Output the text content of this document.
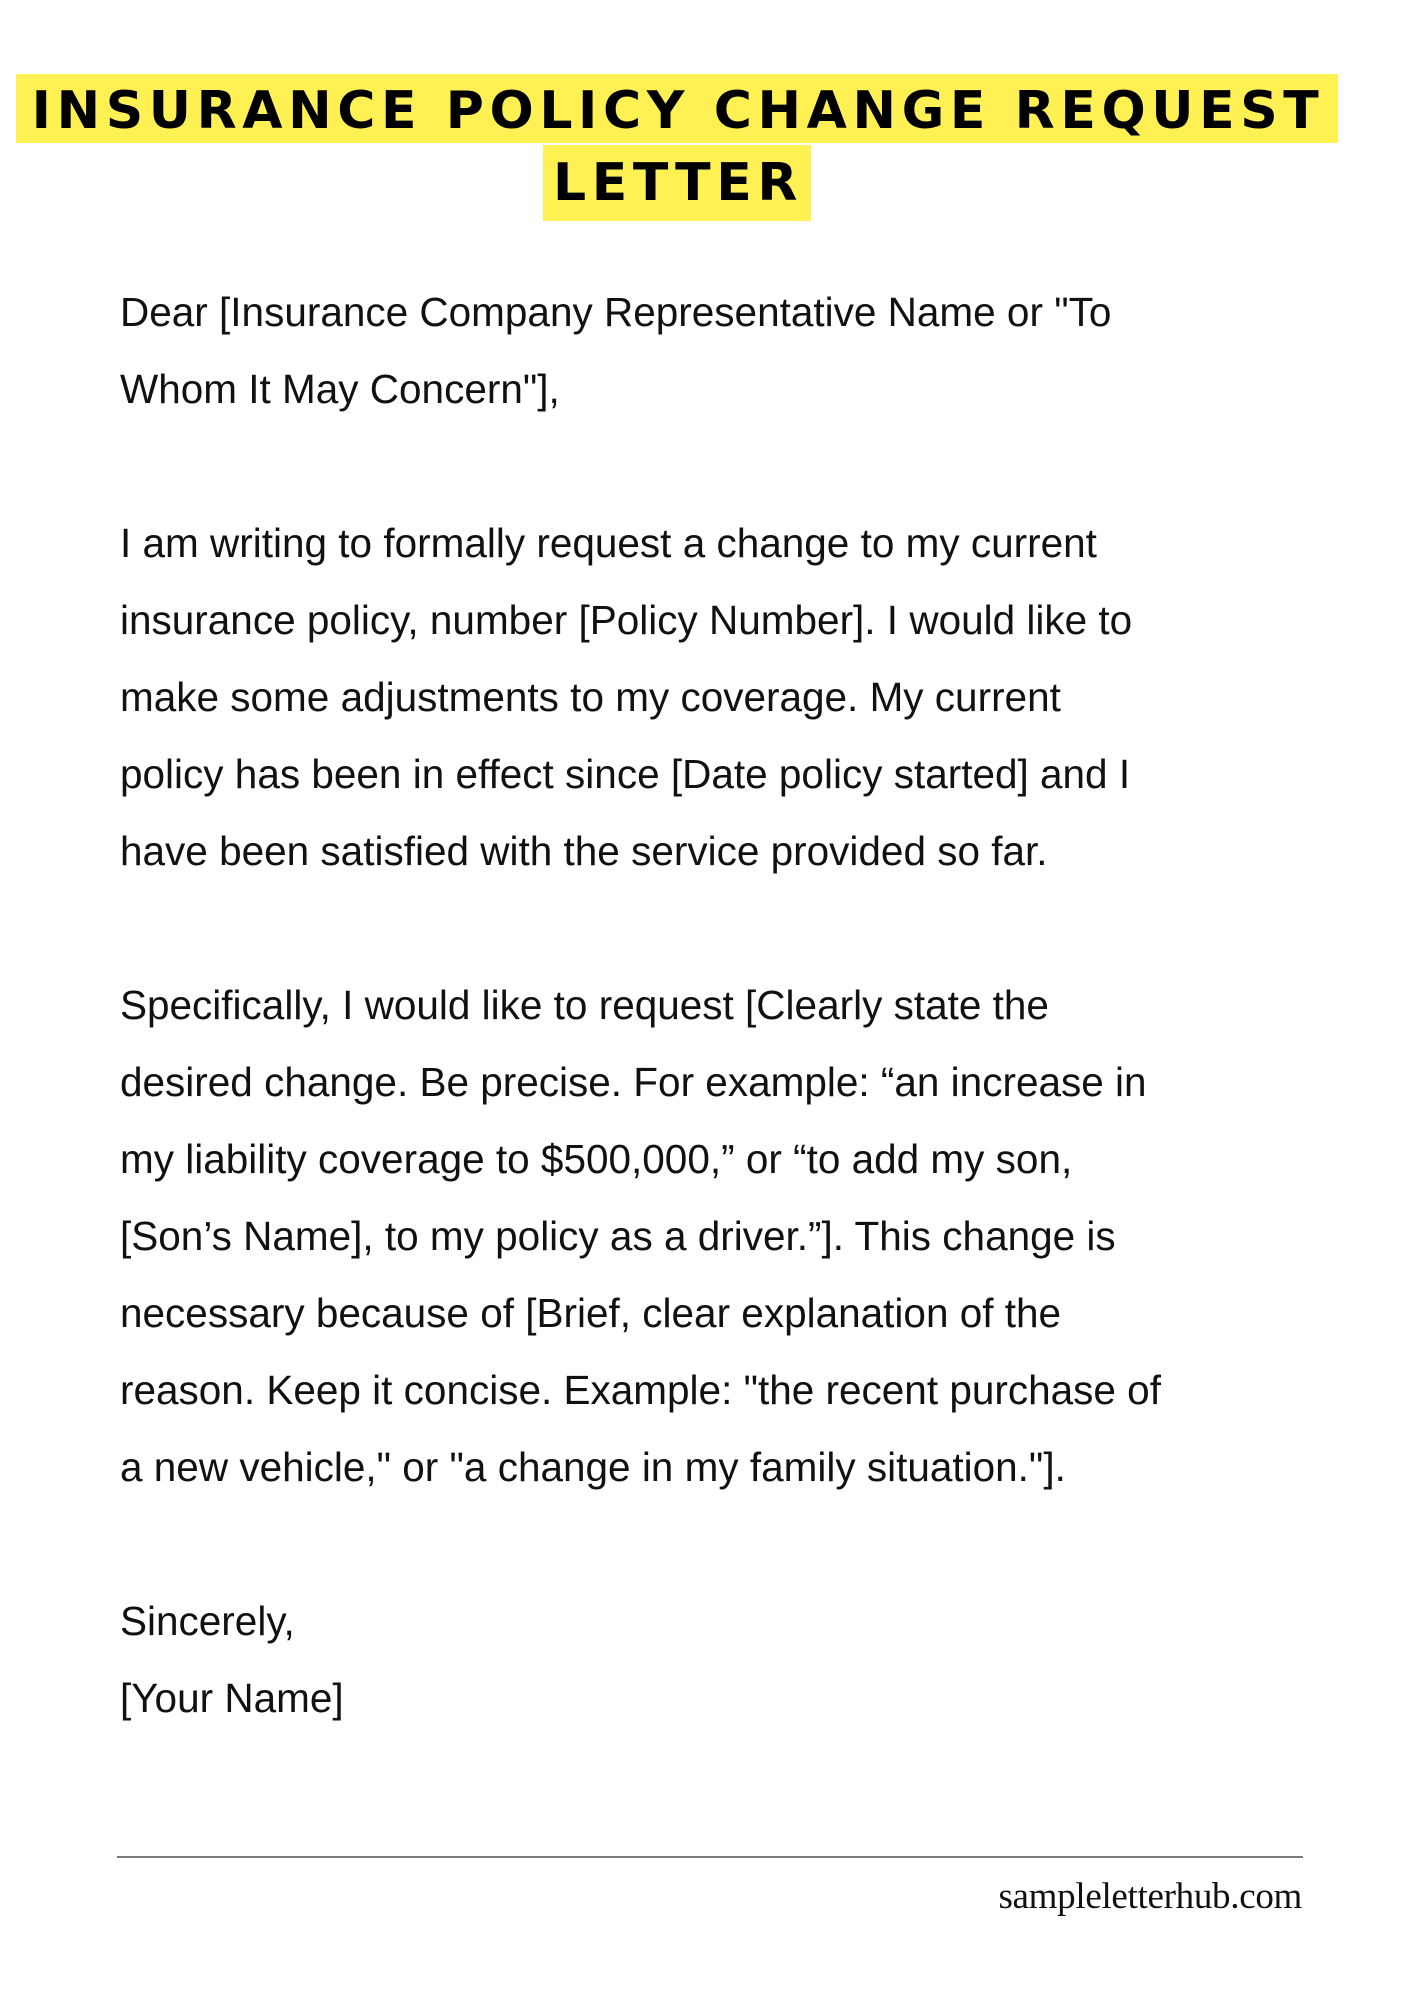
INSURANCE POLICY CHANGE REQUEST
LETTER
Dear [Insurance Company Representative Name or "To
Whom It May Concern"],
I am writing to formally request a change to my current
insurance policy, number [Policy Number]. I would like to
make some adjustments to my coverage. My current
policy has been in effect since [Date policy started] and I
have been satisfied with the service provided so far.
Specifically, I would like to request [Clearly state the
desired change. Be precise. For example: “an increase in
my liability coverage to $500,000,” or “to add my son,
[Son’s Name], to my policy as a driver.”]. This change is
necessary because of [Brief, clear explanation of the
reason. Keep it concise. Example: "the recent purchase of
a new vehicle," or "a change in my family situation."].
Sincerely,
[Your Name]
sampleletterhub.com
